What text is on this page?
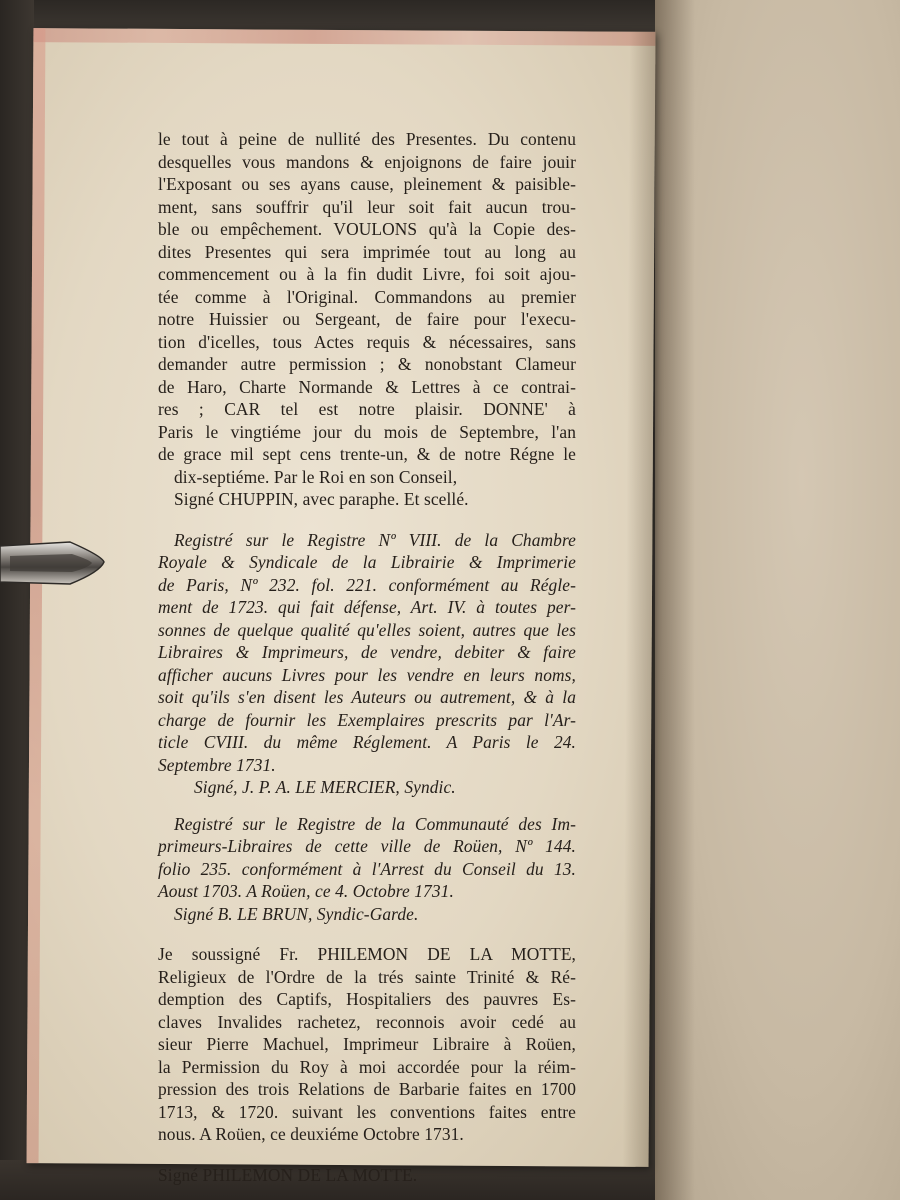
le tout à peine de nullité des Presentes. Du contenu
desquelles vous mandons & enjoignons de faire jouir
l'Exposant ou ses ayans cause, pleinement & paisible-
ment, sans souffrir qu'il leur soit fait aucun trou-
ble ou empêchement. VOULONS qu'à la Copie des-
dites Presentes qui sera imprimée tout au long au
commencement ou à la fin dudit Livre, foi soit ajou-
tée comme à l'Original. Commandons au premier
notre Huissier ou Sergeant, de faire pour l'execu-
tion d'icelles, tous Actes requis & nécessaires, sans
demander autre permission ; & nonobstant Clameur
de Haro, Charte Normande & Lettres à ce contrai-
res ; CAR tel est notre plaisir. DONNE' à
Paris le vingtiéme jour du mois de Septembre, l'an
de grace mil sept cens trente-un, & de notre Régne le
dix-septiéme. Par le Roi en son Conseil,
Signé CHUPPIN, avec paraphe. Et scellé.
Registré sur le Registre Nº VIII. de la Chambre
Royale & Syndicale de la Librairie & Imprimerie
de Paris, Nº 232. fol. 221. conformément au Régle-
ment de 1723. qui fait défense, Art. IV. à toutes per-
sonnes de quelque qualité qu'elles soient, autres que les
Libraires & Imprimeurs, de vendre, debiter & faire
afficher aucuns Livres pour les vendre en leurs noms,
soit qu'ils s'en disent les Auteurs ou autrement, & à la
charge de fournir les Exemplaires prescrits par l'Ar-
ticle CVIII. du même Réglement. A Paris le 24.
Septembre 1731.
Signé, J. P. A. LE MERCIER, Syndic.
Registré sur le Registre de la Communauté des Im-
primeurs-Libraires de cette ville de Roüen, Nº 144.
folio 235. conformément à l'Arrest du Conseil du 13.
Aoust 1703. A Roüen, ce 4. Octobre 1731.
Signé B. LE BRUN, Syndic-Garde.
Je soussigné Fr. PHILEMON DE LA MOTTE,
Religieux de l'Ordre de la trés sainte Trinité & Ré-
demption des Captifs, Hospitaliers des pauvres Es-
claves Invalides rachetez, reconnois avoir cedé au
sieur Pierre Machuel, Imprimeur Libraire à Roüen,
la Permission du Roy à moi accordée pour la réim-
pression des trois Relations de Barbarie faites en 1700
1713, & 1720. suivant les conventions faites entre
nous. A Roüen, ce deuxiéme Octobre 1731.
Signé PHILEMON DE LA MOTTE.
